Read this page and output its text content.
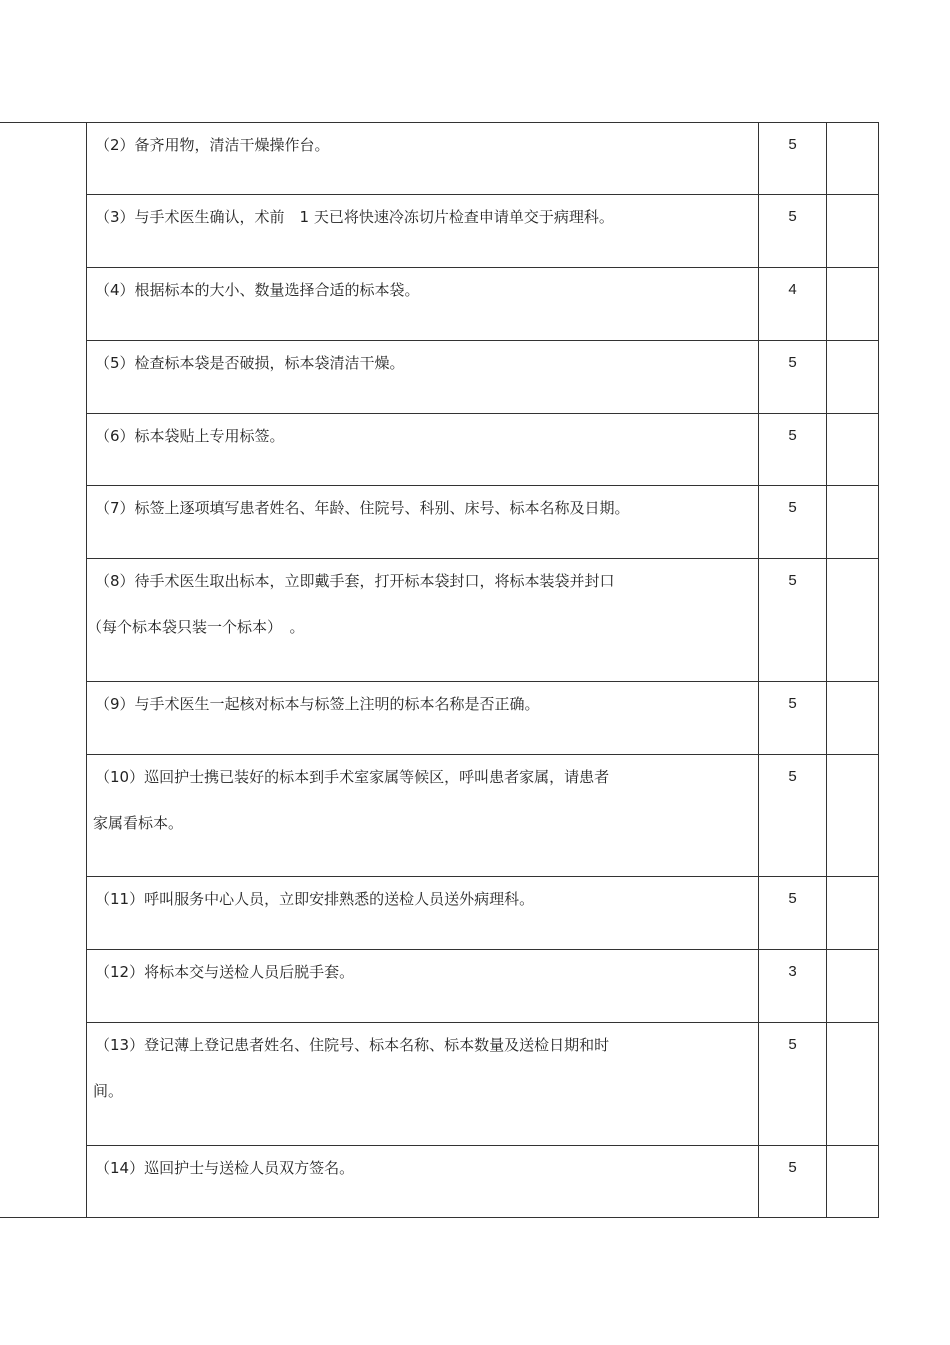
	（2）备齐用物，清洁干燥操作台。	5	

	（3）与手术医生确认，术前　1 天已将快速冷冻切片检查申请单交于病理科。	5	

	（4）根据标本的大小、数量选择合适的标本袋。	4	

	（5）检查标本袋是否破损，标本袋清洁干燥。	5	

	（6）标本袋贴上专用标签。	5	

	（7）标签上逐项填写患者姓名、年龄、住院号、科别、床号、标本名称及日期。	5	

	（8）待手术医生取出标本，立即戴手套，打开标本袋封口，将标本装袋并封口
（每个标本袋只装一个标本）　。	5	

	（9）与手术医生一起核对标本与标签上注明的标本名称是否正确。	5	

	（10）巡回护士携已装好的标本到手术室家属等候区，呼叫患者家属，请患者
家属看标本。	5	

	（11）呼叫服务中心人员，立即安排熟悉的送检人员送外病理科。	5	

	（12）将标本交与送检人员后脱手套。	3	

	（13）登记薄上登记患者姓名、住院号、标本名称、标本数量及送检日期和时
间。	5	

	（14）巡回护士与送检人员双方签名。	5	
